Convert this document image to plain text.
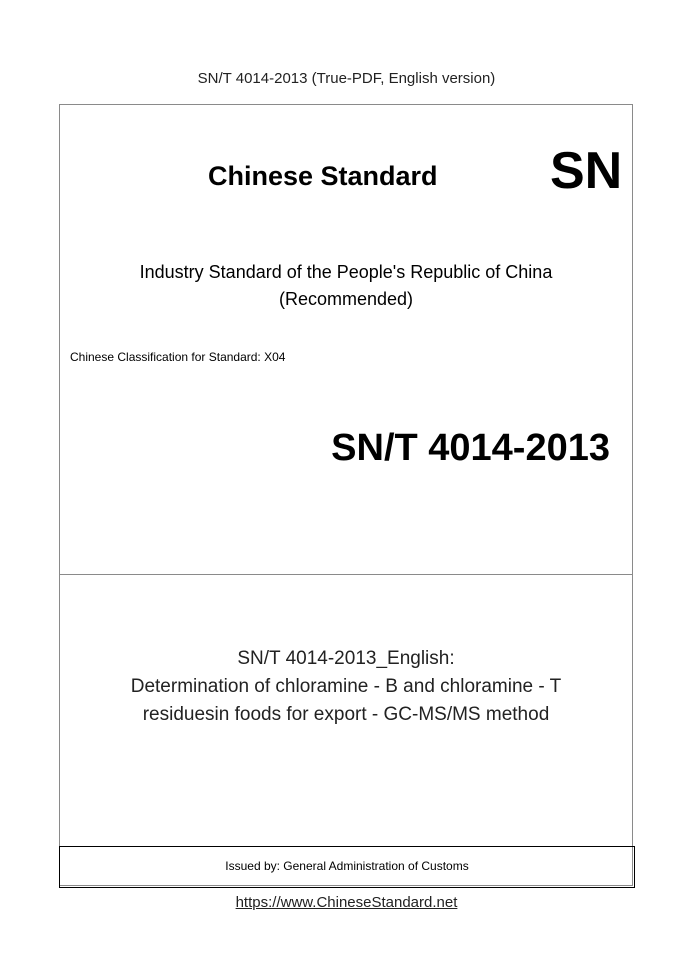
SN/T 4014-2013 (True-PDF, English version)
Chinese Standard SN
Industry Standard of the People's Republic of China
(Recommended)
Chinese Classification for Standard: X04
SN/T 4014-2013
SN/T 4014-2013_English:
Determination of chloramine - B and chloramine - T
residuesin foods for export - GC-MS/MS method
Issued by: General Administration of Customs
https://www.ChineseStandard.net
